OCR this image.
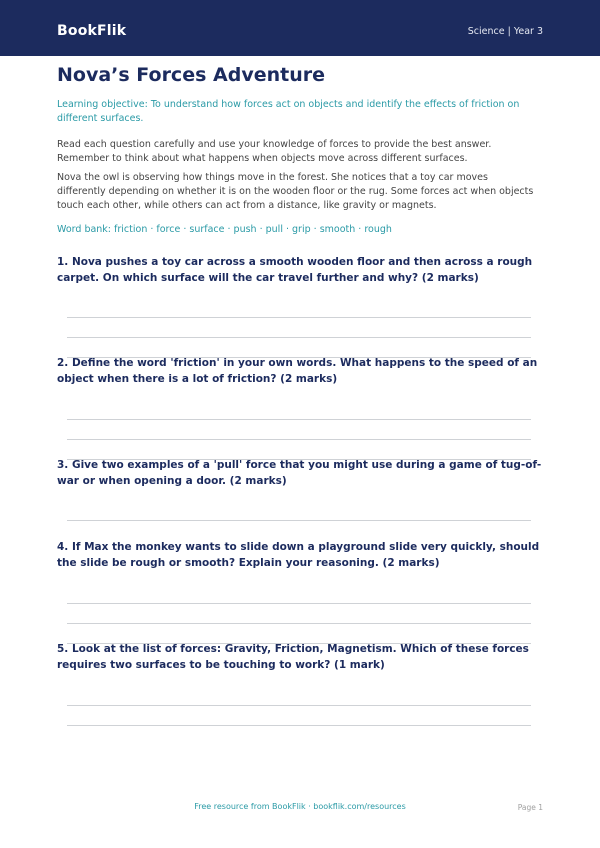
BookFlik	Science | Year 3
Nova’s Forces Adventure

Learning objective: To understand how forces act on objects and identify the effects of friction on different surfaces.

Read each question carefully and use your knowledge of forces to provide the best answer. Remember to think about what happens when objects move across different surfaces.

Nova the owl is observing how things move in the forest. She notices that a toy car moves differently depending on whether it is on the wooden floor or the rug. Some forces act when objects touch each other, while others can act from a distance, like gravity or magnets.

Word bank: friction · force · surface · push · pull · grip · smooth · rough

1. Nova pushes a toy car across a smooth wooden floor and then across a rough carpet. On which surface will the car travel further and why? (2 marks)

2. Define the word 'friction' in your own words. What happens to the speed of an object when there is a lot of friction? (2 marks)

3. Give two examples of a 'pull' force that you might use during a game of tug-of-war or when opening a door. (2 marks)

4. If Max the monkey wants to slide down a playground slide very quickly, should the slide be rough or smooth? Explain your reasoning. (2 marks)

5. Look at the list of forces: Gravity, Friction, Magnetism. Which of these forces requires two surfaces to be touching to work? (1 mark)

Free resource from BookFlik · bookflik.com/resources	Page 1
